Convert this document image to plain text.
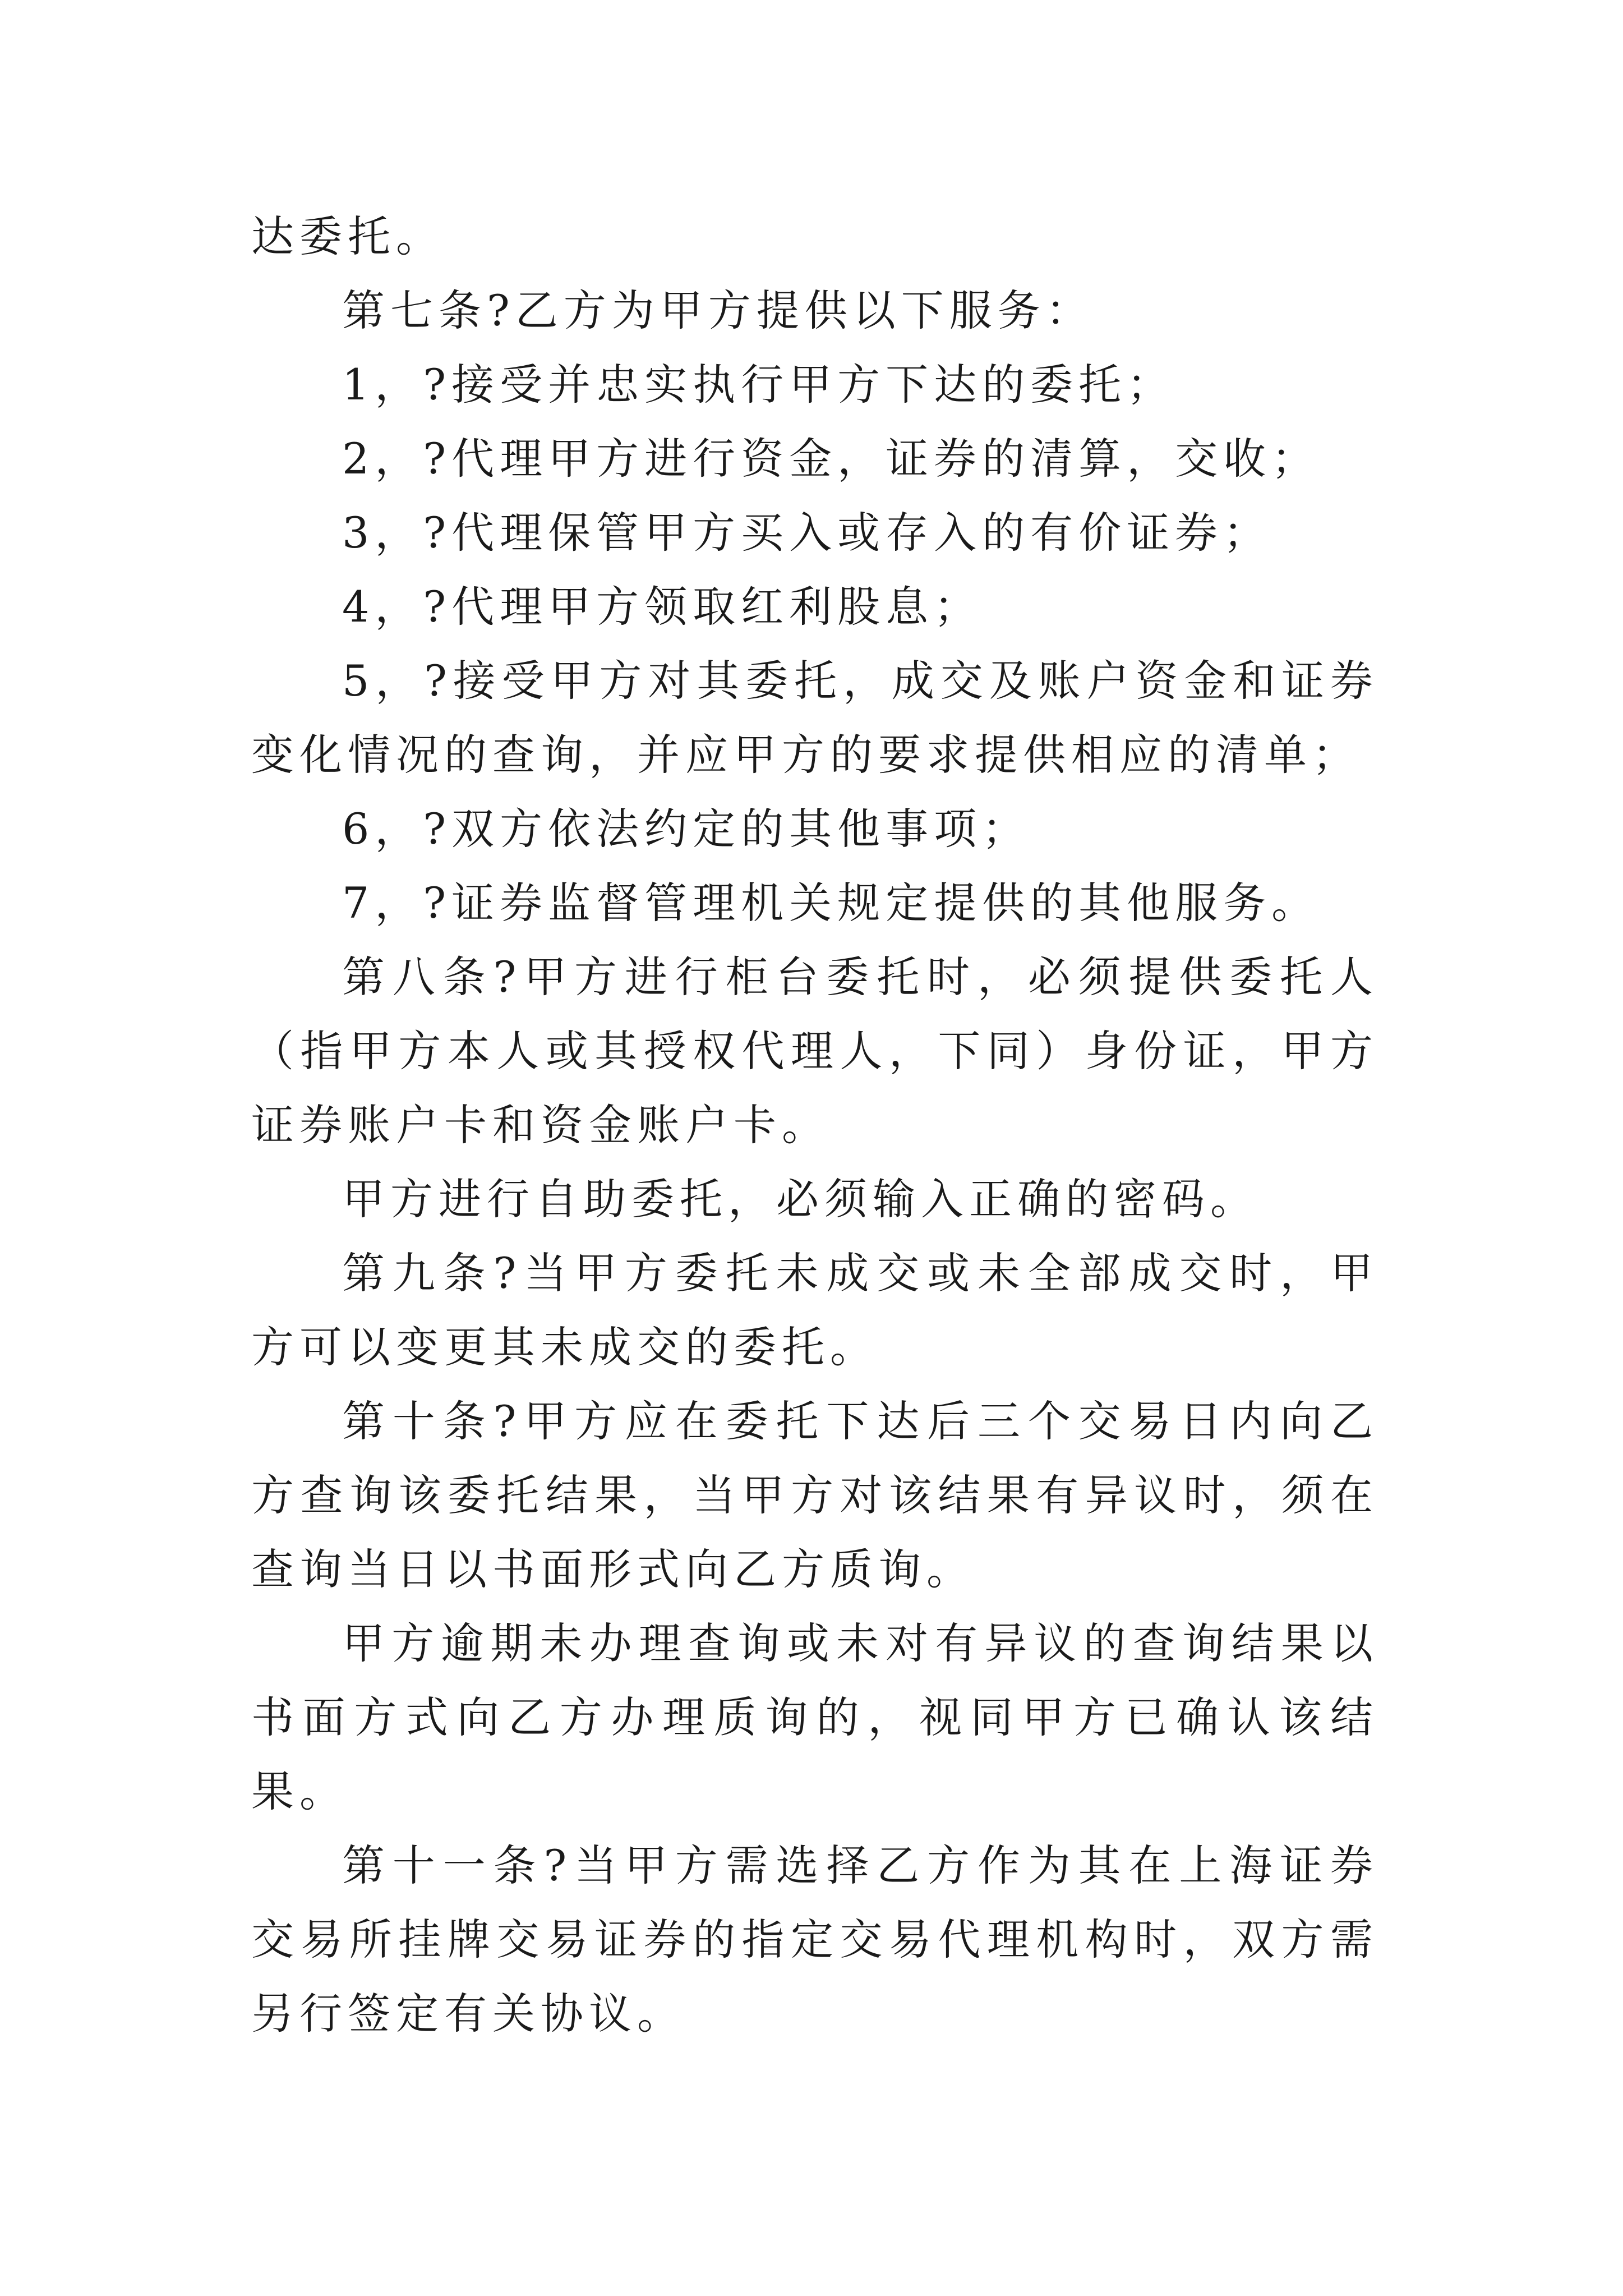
达委托。

第七条?乙方为甲方提供以下服务：

1，?接受并忠实执行甲方下达的委托；

2，?代理甲方进行资金，证券的清算，交收；

3，?代理保管甲方买入或存入的有价证券；

4，?代理甲方领取红利股息；

5，?接受甲方对其委托，成交及账户资金和证券变化情况的查询，并应甲方的要求提供相应的清单；

6，?双方依法约定的其他事项；

7，?证券监督管理机关规定提供的其他服务。

第八条?甲方进行柜台委托时，必须提供委托人（指甲方本人或其授权代理人，下同）身份证，甲方证券账户卡和资金账户卡。

甲方进行自助委托，必须输入正确的密码。

第九条?当甲方委托未成交或未全部成交时，甲方可以变更其未成交的委托。

第十条?甲方应在委托下达后三个交易日内向乙方查询该委托结果，当甲方对该结果有异议时，须在查询当日以书面形式向乙方质询。

甲方逾期未办理查询或未对有异议的查询结果以书面方式向乙方办理质询的，视同甲方已确认该结果。

第十一条?当甲方需选择乙方作为其在上海证券交易所挂牌交易证券的指定交易代理机构时，双方需另行签定有关协议。
